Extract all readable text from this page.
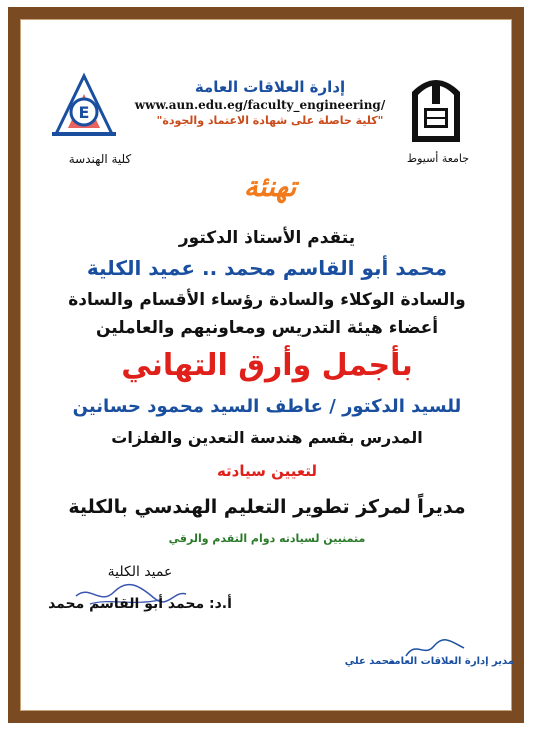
E
كلية الهندسة	جامعة أسيوط
إدارة العلاقات العامة
www.aun.edu.eg/faculty_engineering/
"كلية حاصلة على شهادة الاعتماد والجودة"
تهنئة
يتقدم الأستاذ الدكتور
محمد أبو القاسم محمد .. عميد الكلية
والسادة الوكلاء والسادة رؤساء الأقسام والسادة
أعضاء هيئة التدريس ومعاونيهم والعاملين
بأجمل وأرق التهاني
للسيد الدكتور / عاطف السيد محمود حسانين
المدرس بقسم هندسة التعدين والفلزات
لتعيين سيادته
مديراً لمركز تطوير التعليم الهندسي بالكلية
متمنيين لسيادته دوام التقدم والرقي
عميد الكلية
أ.د: محمد أبو القاسم محمد
مدير إدارة العلاقات العامة
محمد علي
